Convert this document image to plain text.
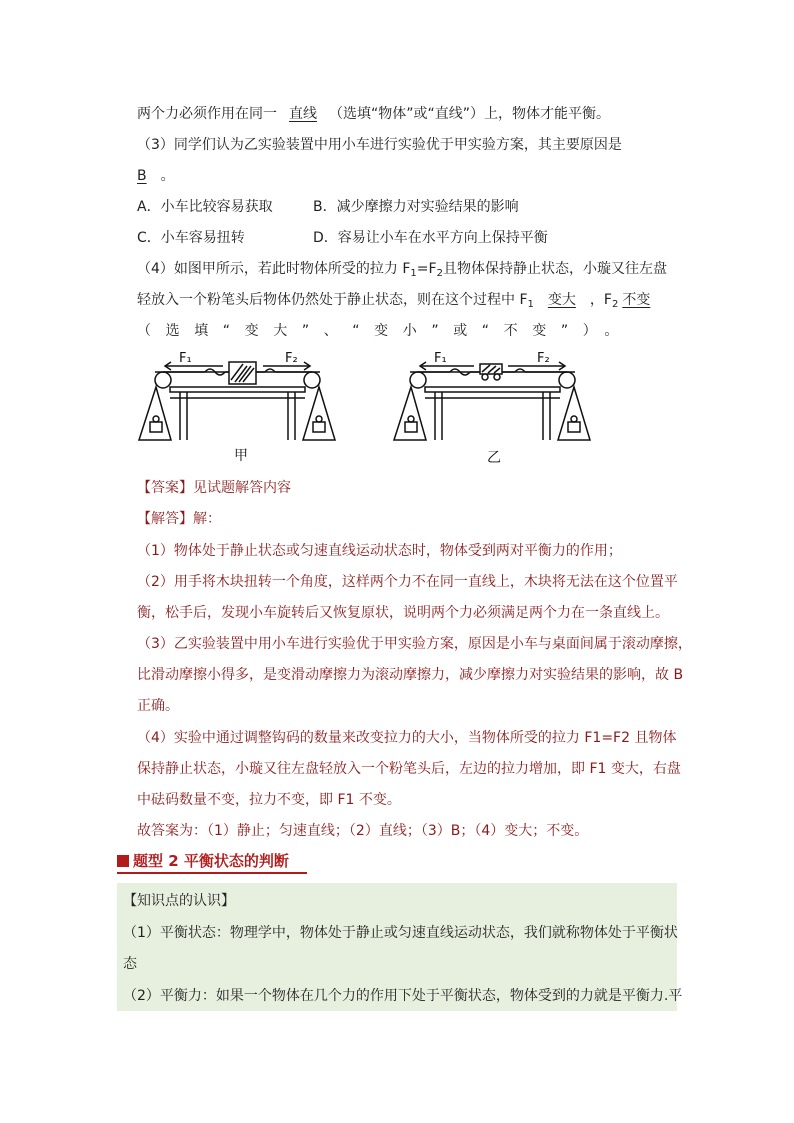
两个力必须作用在同一 直线 （选填“物体”或“直线”）上，物体才能平衡。
（3）同学们认为乙实验装置中用小车进行实验优于甲实验方案，其主要原因是
B 。
A．小车比较容易获取	B．减少摩擦力对实验结果的影响
C．小车容易扭转	D．容易让小车在水平方向上保持平衡
（4）如图甲所示，若此时物体所受的拉力 $F_1=F_2$且物体保持静止状态，小璇又往左盘
轻放入一个粉笔头后物体仍然处于静止状态，则在这个过程中 $F_1$ 变大 ，$F_2$ 不变
（选填“变大”、“变小”或“不变”）。
F₁	F₂	F₁	F₂
甲	乙
【答案】见试题解答内容
【解答】解：
（1）物体处于静止状态或匀速直线运动状态时，物体受到两对平衡力的作用；
（2）用手将木块扭转一个角度，这样两个力不在同一直线上，木块将无法在这个位置平
衡，松手后，发现小车旋转后又恢复原状，说明两个力必须满足两个力在一条直线上。
（3）乙实验装置中用小车进行实验优于甲实验方案，原因是小车与桌面间属于滚动摩擦，
比滑动摩擦小得多，是变滑动摩擦力为滚动摩擦力，减少摩擦力对实验结果的影响，故 B
正确。
（4）实验中通过调整钩码的数量来改变拉力的大小，当物体所受的拉力 F1=F2 且物体
保持静止状态，小璇又往左盘轻放入一个粉笔头后，左边的拉力增加，即 F1 变大，右盘
中砝码数量不变，拉力不变，即 F1 不变。
故答案为：（1）静止；匀速直线；（2）直线；（3）B；（4）变大；不变。
题型 2 平衡状态的判断
【知识点的认识】
（1）平衡状态：物理学中，物体处于静止或匀速直线运动状态，我们就称物体处于平衡状
态
（2）平衡力：如果一个物体在几个力的作用下处于平衡状态，物体受到的力就是平衡力.平
